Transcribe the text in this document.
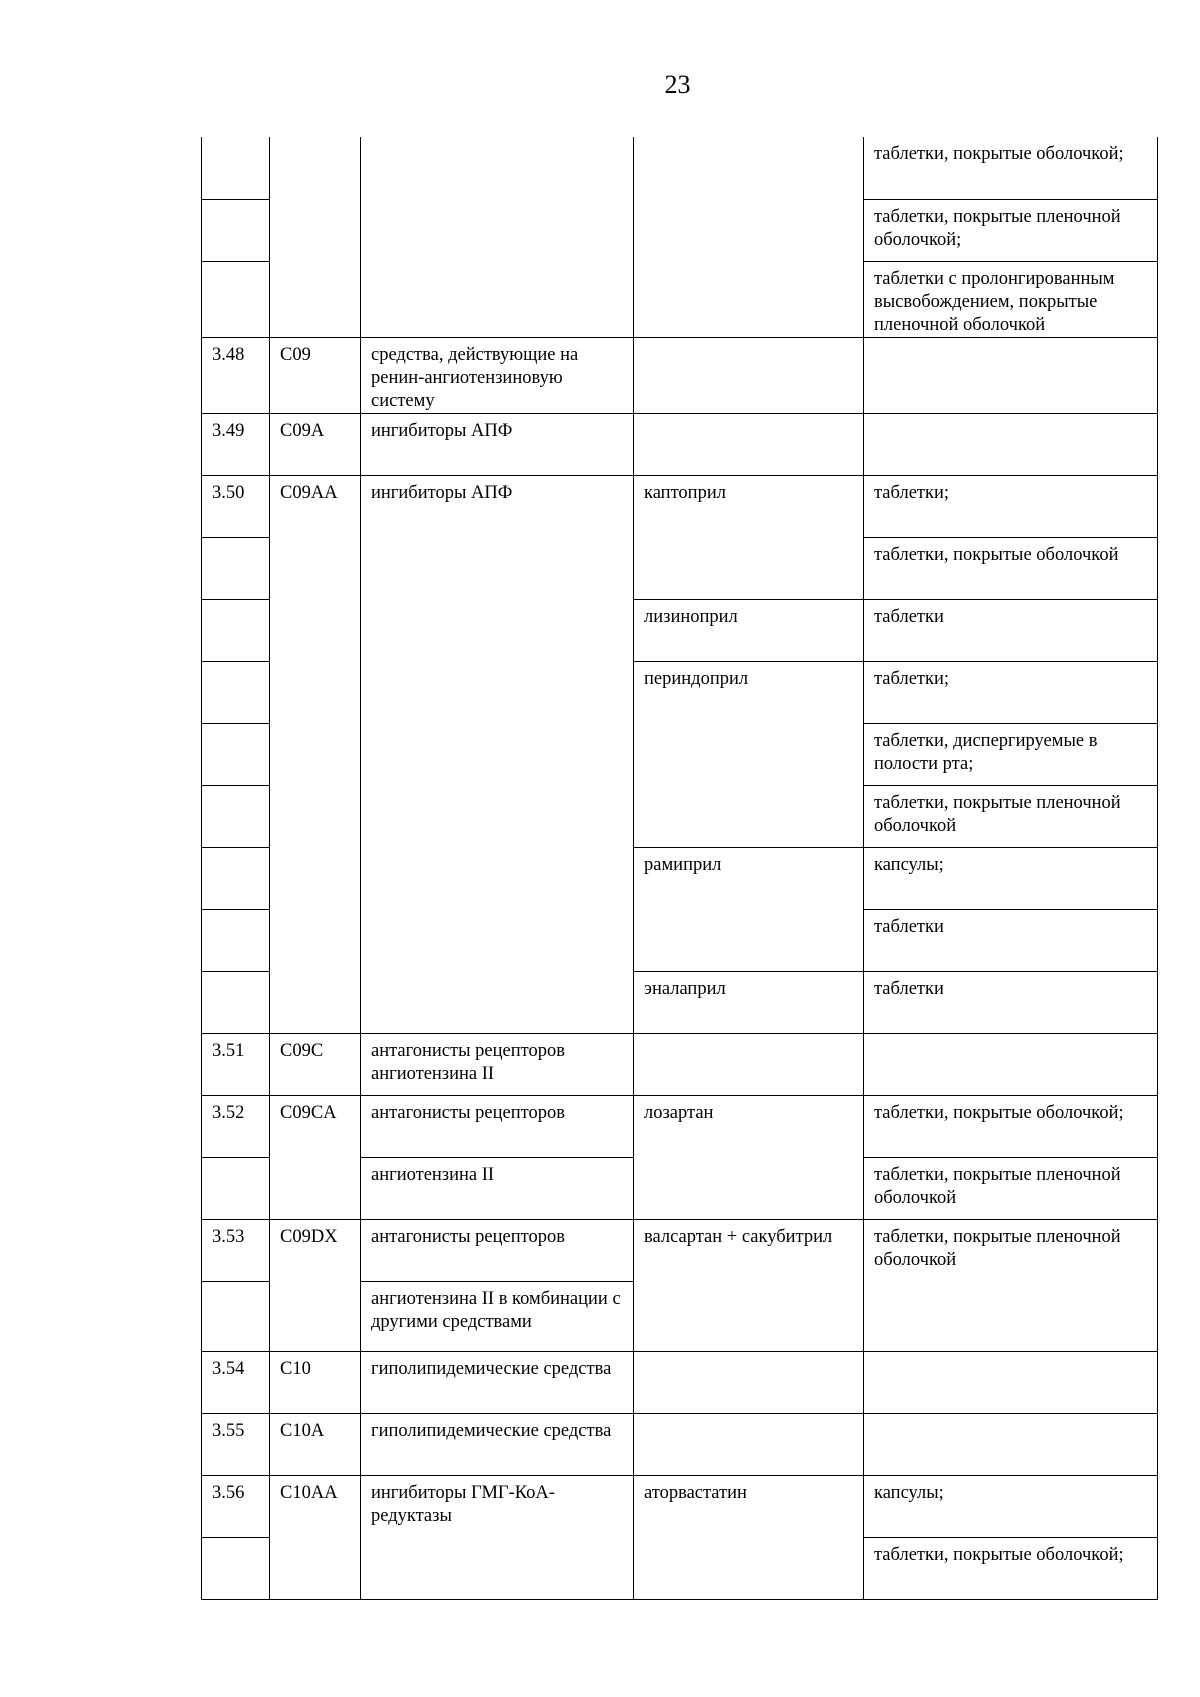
23
				таблетки, покрытые оболочкой;
				таблетки, покрытые пленочной оболочкой;
				таблетки с пролонгированным высвобождением, покрытые пленочной оболочкой
3.48	C09	средства, действующие на ренин-ангиотензиновую систему		
3.49	C09A	ингибиторы АПФ		
3.50	C09AA	ингибиторы АПФ	каптоприл	таблетки;
				таблетки, покрытые оболочкой
			лизиноприл	таблетки
			периндоприл	таблетки;
				таблетки, диспергируемые в полости рта;
				таблетки, покрытые пленочной оболочкой
			рамиприл	капсулы;
				таблетки
			эналаприл	таблетки
3.51	C09C	антагонисты рецепторов ангиотензина II		
3.52	C09CA	антагонисты рецепторов	лозартан	таблетки, покрытые оболочкой;
		ангиотензина II		таблетки, покрытые пленочной оболочкой
3.53	C09DX	антагонисты рецепторов	валсартан + сакубитрил	таблетки, покрытые пленочной оболочкой
		ангиотензина II в комбинации с другими средствами		
3.54	C10	гиполипидемические средства		
3.55	C10A	гиполипидемические средства		
3.56	C10AA	ингибиторы ГМГ-КоА-редуктазы	аторвастатин	капсулы;
				таблетки, покрытые оболочкой;
